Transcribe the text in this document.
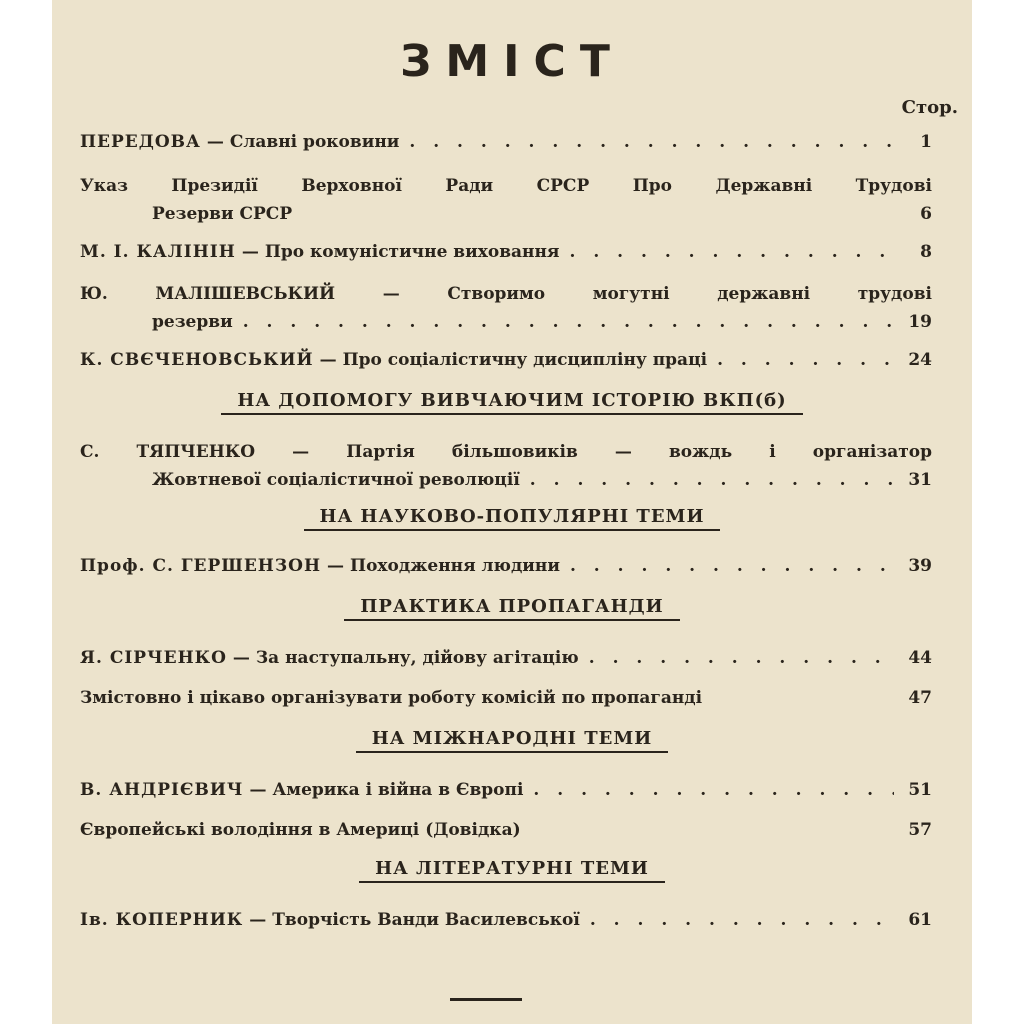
ЗМІСТ
Стор.
ПЕРЕДОВА — Славні роковини . . .	1
Указ Президії Верховної Ради СРСР Про Державні Трудові
Резерви СРСР	6
М. І. КАЛІНІН — Про комуністичне виховання . . .	8
Ю. МАЛІШЕВСЬКИЙ — Створимо могутні державні трудові
резерви . . .	19
К. СВЄЧЕНОВСЬКИЙ — Про соціалістичну дисципліну праці . . .	24
НА ДОПОМОГУ ВИВЧАЮЧИМ ІСТОРІЮ ВКП(б)
С. ТЯПЧЕНКО — Партія більшовиків — вождь і організатор
Жовтневої соціалістичної революції . . .	31
НА НАУКОВО-ПОПУЛЯРНІ ТЕМИ
Проф. С. ГЕРШЕНЗОН — Походження людини . . .	39
ПРАКТИКА ПРОПАГАНДИ
Я. СІРЧЕНКО — За наступальну, дійову агітацію . . .	44
Змістовно і цікаво організувати роботу комісій по пропаганді	47
НА МІЖНАРОДНІ ТЕМИ
В. АНДРІЄВИЧ — Америка і війна в Європі . . .	51
Європейські володіння в Америці (Довідка)	57
НА ЛІТЕРАТУРНІ ТЕМИ
Ів. КОПЕРНИК — Творчість Ванди Василевської . . .	61
